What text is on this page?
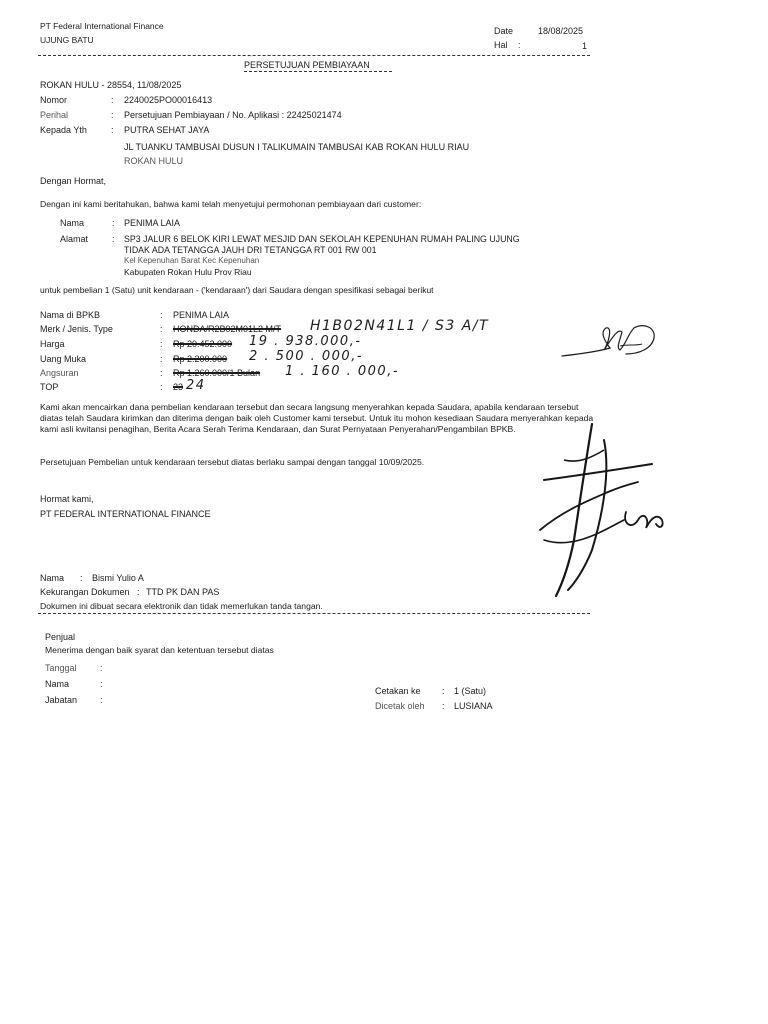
PT Federal International Finance
UJUNG BATU
Date	18/08/2025
Hal :	1
PERSETUJUAN PEMBIAYAAN
ROKAN HULU - 28554, 11/08/2025
Nomor	: 2240025PO00016413
Perihal	: Persetujuan Pembiayaan / No. Aplikasi : 22425021474
Kepada Yth	: PUTRA SEHAT JAYA
JL TUANKU TAMBUSAI DUSUN I TALIKUMAIN TAMBUSAI KAB ROKAN HULU RIAU
ROKAN HULU
Dengan Hormat,
Dengan ini kami beritahukan, bahwa kami telah menyetujui permohonan pembiayaan dari customer:
Nama	: PENIMA LAIA
Alamat	: SP3 JALUR 6 BELOK KIRI LEWAT MESJID DAN SEKOLAH KEPENUHAN RUMAH PALING UJUNG
TIDAK ADA TETANGGA JAUH DRI TETANGGA RT 001 RW 001
Kel Kepenuhan Barat Kec Kepenuhan
Kabupaten Rokan Hulu Prov Riau
untuk pembelian 1 (Satu) unit kendaraan - ('kendaraan') dari Saudara dengan spesifikasi sebagai berikut
Nama di BPKB	: PENIMA LAIA
Merk / Jenis. Type	: HONDA/R2B02M01L2 M/T H1B02N41L1 / S3 A/T
Harga	: Rp 20.452.000 19 . 938.000,-
Uang Muka	: Rp 2.200.000 2 . 500 . 000,-
Angsuran	: Rp 1.260.000/1 Bulan 1 . 160 . 000,-
TOP	: 23 24
Kami akan mencairkan dana pembelian kendaraan tersebut dan secara langsung menyerahkan kepada Saudara, apabila kendaraan tersebut diatas telah Saudara kirimkan dan diterima dengan baik oleh Customer kami tersebut. Untuk itu mohon kesediaan Saudara menyerahkan kepada kami asli kwitansi penagihan, Berita Acara Serah Terima Kendaraan, dan Surat Pernyataan Penyerahan/Pengambilan BPKB.
Persetujuan Pembelian untuk kendaraan tersebut diatas berlaku sampai dengan tanggal 10/09/2025.
Hormat kami,
PT FEDERAL INTERNATIONAL FINANCE
Nama : Bismi Yulio A
Kekurangan Dokumen : TTD PK DAN PAS
Dokumen ini dibuat secara elektronik dan tidak memerlukan tanda tangan.
Penjual
Menerima dengan baik syarat dan ketentuan tersebut diatas
Tanggal	:
Nama	:
Jabatan	:
Cetakan ke : 1 (Satu)
Dicetak oleh : LUSIANA
